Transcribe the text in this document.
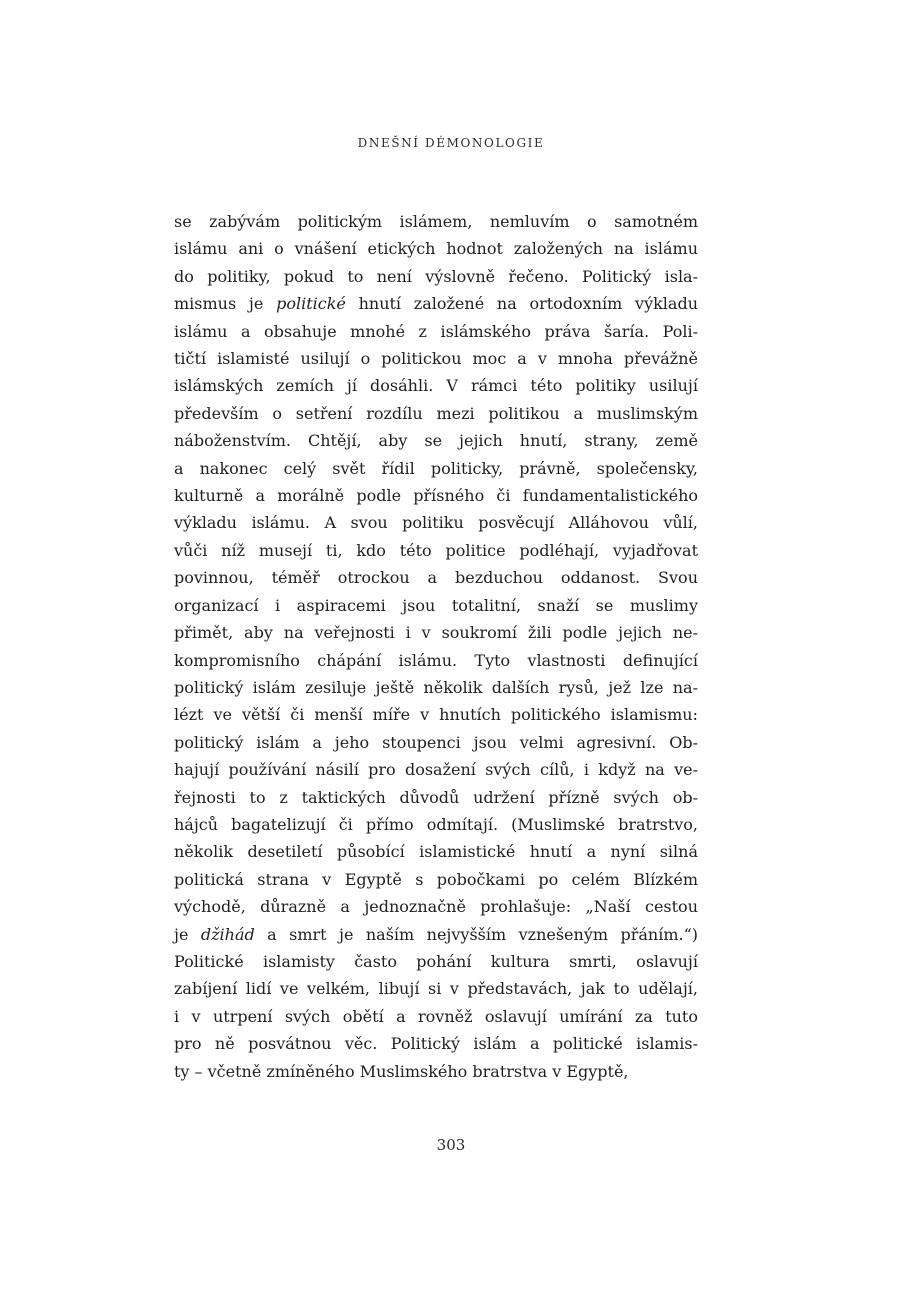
DNEŠNÍ DÉMONOLOGIE
se zabývám politickým islámem, nemluvím o samotném
islámu ani o vnášení etických hodnot založených na islámu
do politiky, pokud to není výslovně řečeno. Politický isla-
mismus je politické hnutí založené na ortodoxním výkladu
islámu a obsahuje mnohé z islámského práva šaría. Poli-
tičtí islamisté usilují o politickou moc a v mnoha převážně
islámských zemích jí dosáhli. V rámci této politiky usilují
především o setření rozdílu mezi politikou a muslimským
náboženstvím. Chtějí, aby se jejich hnutí, strany, země
a nakonec celý svět řídil politicky, právně, společensky,
kulturně a morálně podle přísného či fundamentalistického
výkladu islámu. A svou politiku posvěcují Alláhovou vůlí,
vůči níž musejí ti, kdo této politice podléhají, vyjadřovat
povinnou, téměř otrockou a bezduchou oddanost. Svou
organizací i aspiracemi jsou totalitní, snaží se muslimy
přimět, aby na veřejnosti i v soukromí žili podle jejich ne-
kompromisního chápání islámu. Tyto vlastnosti definující
politický islám zesiluje ještě několik dalších rysů, jež lze na-
lézt ve větší či menší míře v hnutích politického islamismu:
politický islám a jeho stoupenci jsou velmi agresivní. Ob-
hajují používání násilí pro dosažení svých cílů, i když na ve-
řejnosti to z taktických důvodů udržení přízně svých ob-
hájců bagatelizují či přímo odmítají. (Muslimské bratrstvo,
několik desetiletí působící islamistické hnutí a nyní silná
politická strana v Egyptě s pobočkami po celém Blízkém
východě, důrazně a jednoznačně prohlašuje: „Naší cestou
je džihád a smrt je naším nejvyšším vznešeným přáním.“)
Politické islamisty často pohání kultura smrti, oslavují
zabíjení lidí ve velkém, libují si v představách, jak to udělají,
i v utrpení svých obětí a rovněž oslavují umírání za tuto
pro ně posvátnou věc. Politický islám a politické islamis-
ty – včetně zmíněného Muslimského bratrstva v Egyptě,
303
